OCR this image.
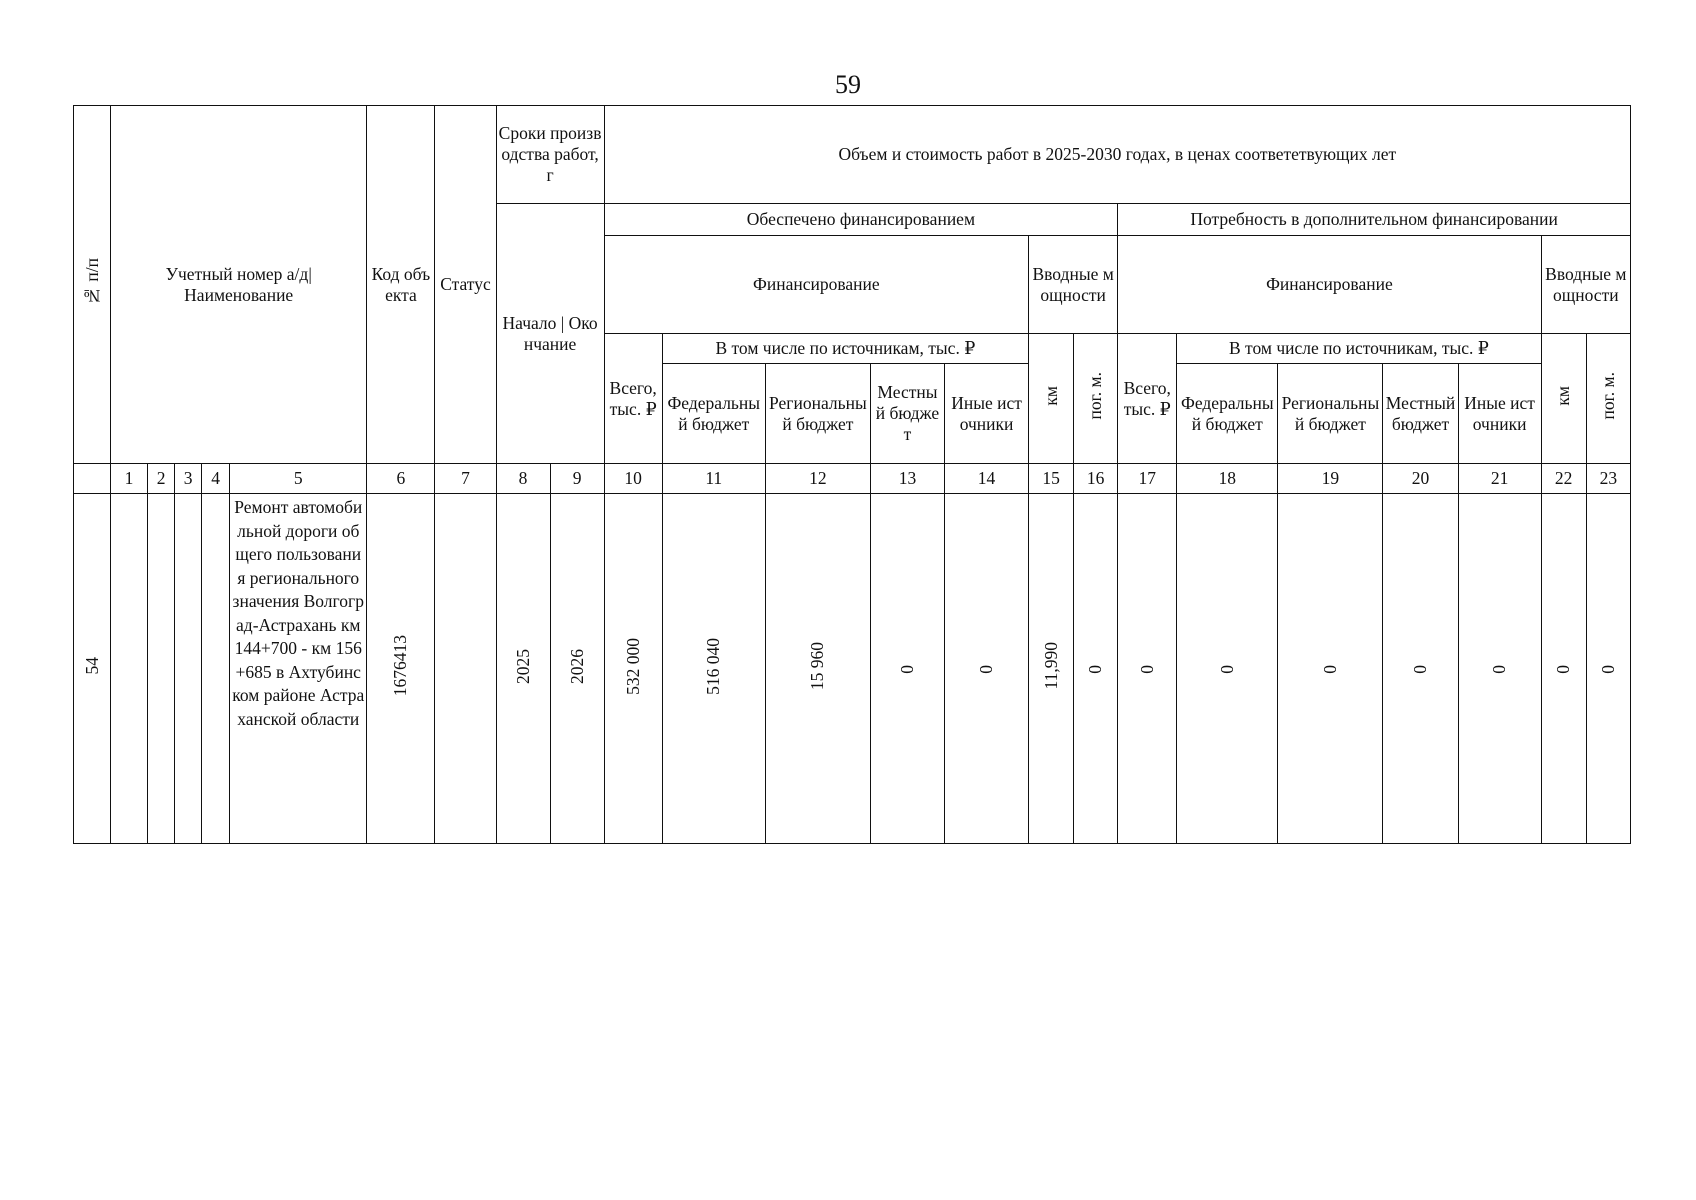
59
№ п/п	Учетный номер а/д| Наименование					Код объекта	Статус	Сроки производства работ, г		Объем и стоимость работ в 2025-2030 годах, в ценах соответетвующих лет													
								Начало | Окончание		Обеспечено финансированием							Потребность в дополнительном финансировании						
										Финансирование					Вводные мощности		Финансирование					Вводные мощности	
										Всего, тыс. ₽	В том числе по источникам, тыс. ₽				км	пог. м.	Всего, тыс. ₽	В том числе по источникам, тыс. ₽				км	пог. м.
											Федеральный бюджет	Региональный бюджет	Местный бюджет	Иные источники				Федеральный бюджет	Региональный бюджет	Местный бюджет	Иные источники		
	1	2	3	4	5	6	7	8	9	10	11	12	13	14	15	16	17	18	19	20	21	22	23
54					Ремонт автомобильной дороги общего пользования регионального значения Волгоград-Астрахань км 144+700 - км 156+685 в Ахтубинском районе Астраханской области	1676413		2025	2026	532 000	516 040	15 960	0	0	11,990	0	0	0	0	0	0	0	0
